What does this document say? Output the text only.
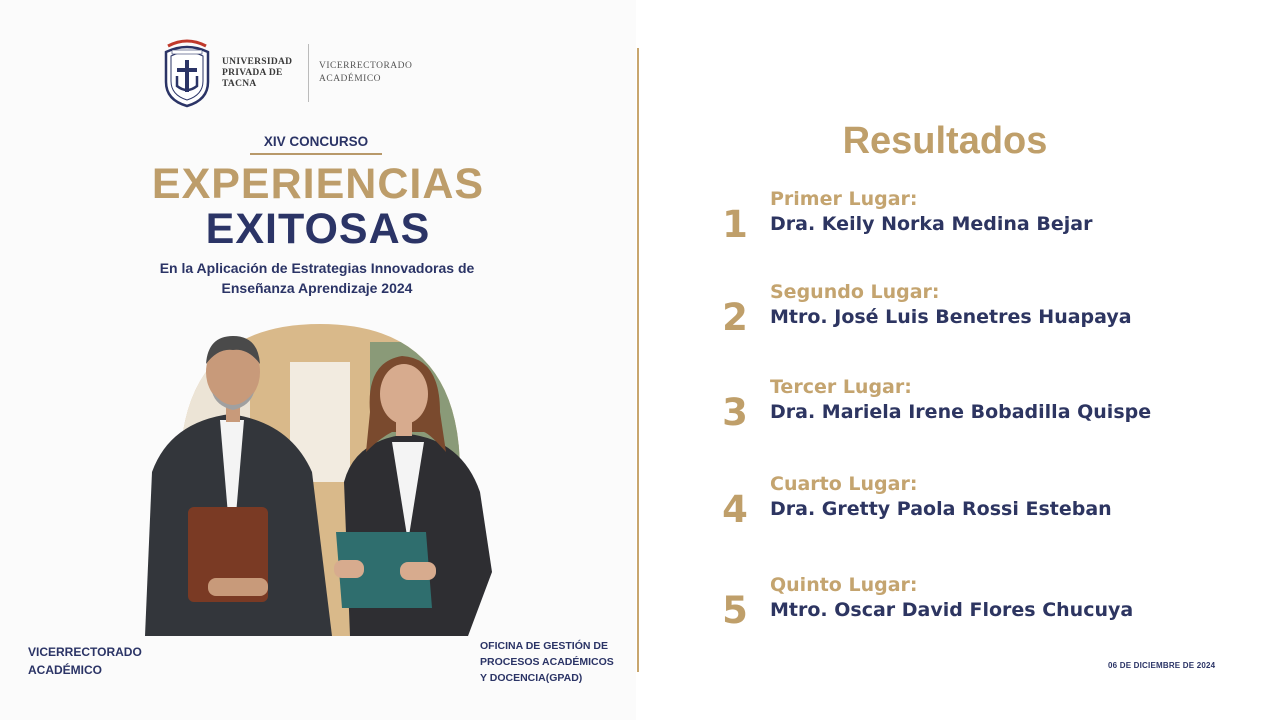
UNIVERSIDAD
PRIVADA DE
TACNA
VICERRECTORADO
ACADÉMICO
XIV CONCURSO
EXPERIENCIAS
EXITOSAS
En la Aplicación de Estrategias Innovadoras de
Enseñanza Aprendizaje 2024
VICERRECTORADO
ACADÉMICO
OFICINA DE GESTIÓN DE
PROCESOS ACADÉMICOS
Y DOCENCIA(GPAD)
Resultados
1
Primer Lugar:
Dra. Keily Norka Medina Bejar
2
Segundo Lugar:
Mtro. José Luis Benetres Huapaya
3
Tercer Lugar:
Dra. Mariela Irene Bobadilla Quispe
4
Cuarto Lugar:
Dra. Gretty Paola Rossi Esteban
5
Quinto Lugar:
Mtro. Oscar David Flores Chucuya
06 DE DICIEMBRE DE 2024
